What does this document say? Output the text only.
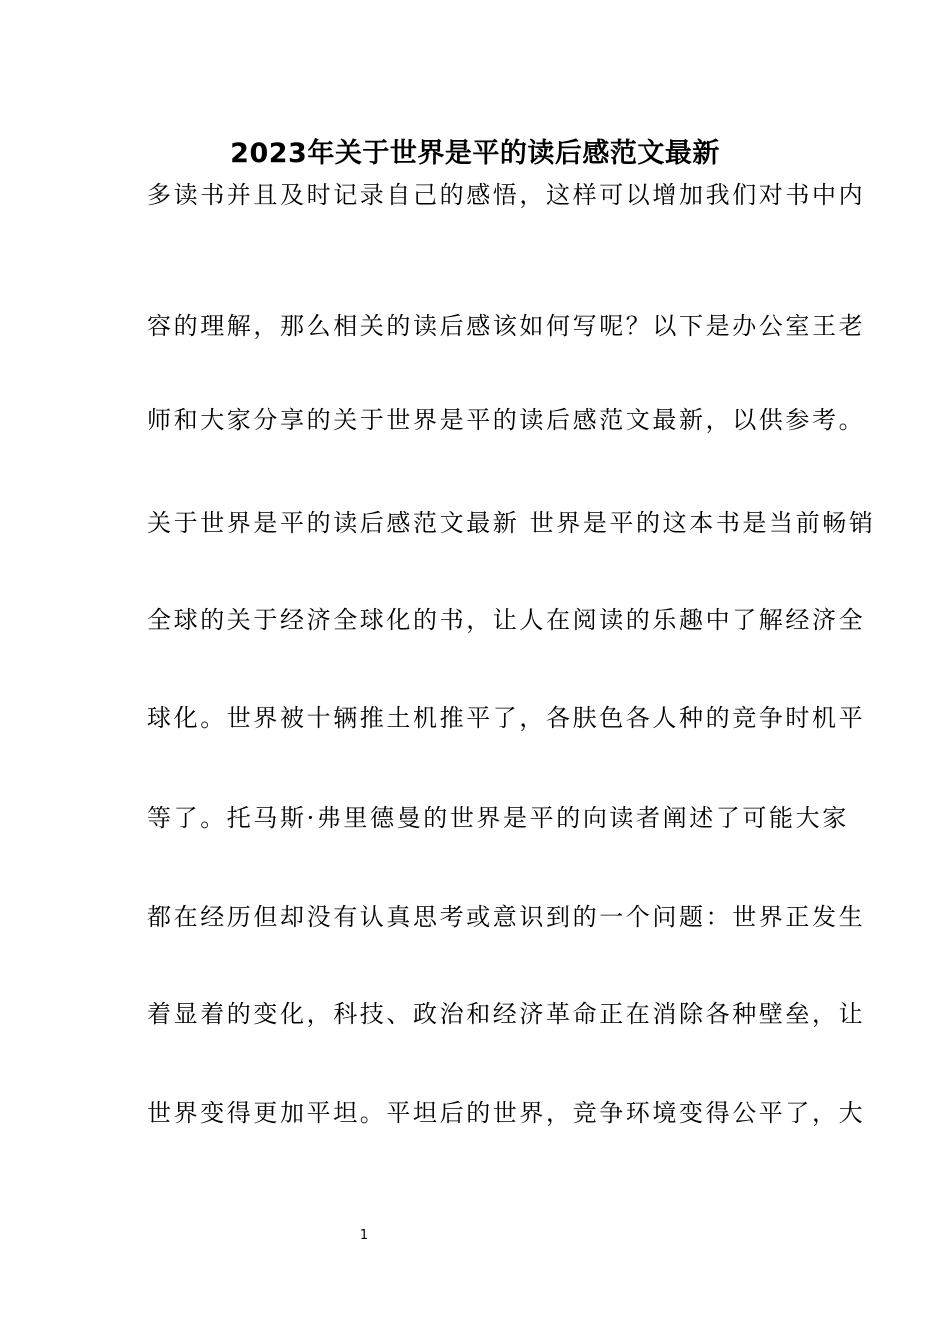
2023年关于世界是平的读后感范文最新
多读书并且及时记录自己的感悟，这样可以增加我们对书中内
容的理解，那么相关的读后感该如何写呢？以下是办公室王老
师和大家分享的关于世界是平的读后感范文最新，以供参考。
关于世界是平的读后感范文最新 世界是平的这本书是当前畅销
全球的关于经济全球化的书，让人在阅读的乐趣中了解经济全
球化。世界被十辆推土机推平了，各肤色各人种的竞争时机平
等了。托马斯·弗里德曼的世界是平的向读者阐述了可能大家
都在经历但却没有认真思考或意识到的一个问题：世界正发生
着显着的变化，科技、政治和经济革命正在消除各种壁垒，让
世界变得更加平坦。平坦后的世界，竞争环境变得公平了，大
1
